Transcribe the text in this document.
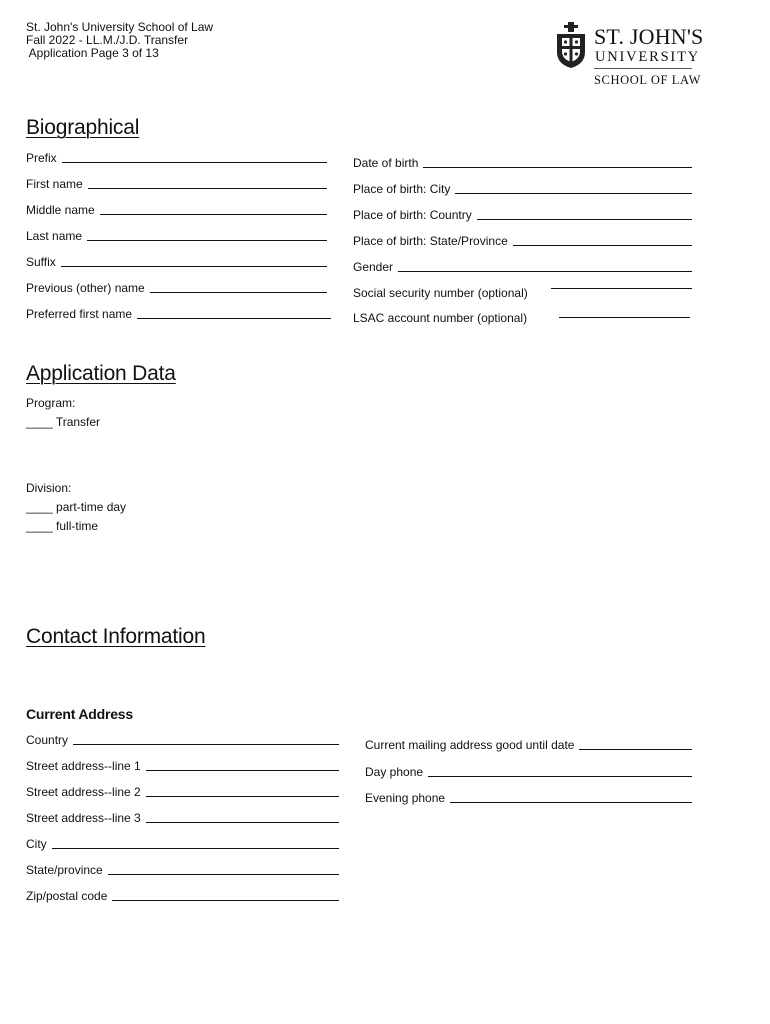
St. John's University School of Law
Fall 2022 - LL.M./J.D. Transfer
Application Page 3 of 13
ST. JOHN'S
UNIVERSITY
SCHOOL OF LAW
Biographical
Prefix
First name
Middle name
Last name
Suffix
Previous (other) name
Preferred first name
Date of birth
Place of birth: City
Place of birth: Country
Place of birth: State/Province
Gender
Social security number (optional)
LSAC account number (optional)
Application Data
Program:
____ Transfer
Division:
____ part-time day
____ full-time
Contact Information
Current Address
Country
Street address--line 1
Street address--line 2
Street address--line 3
City
State/province
Zip/postal code
Current mailing address good until date
Day phone
Evening phone
